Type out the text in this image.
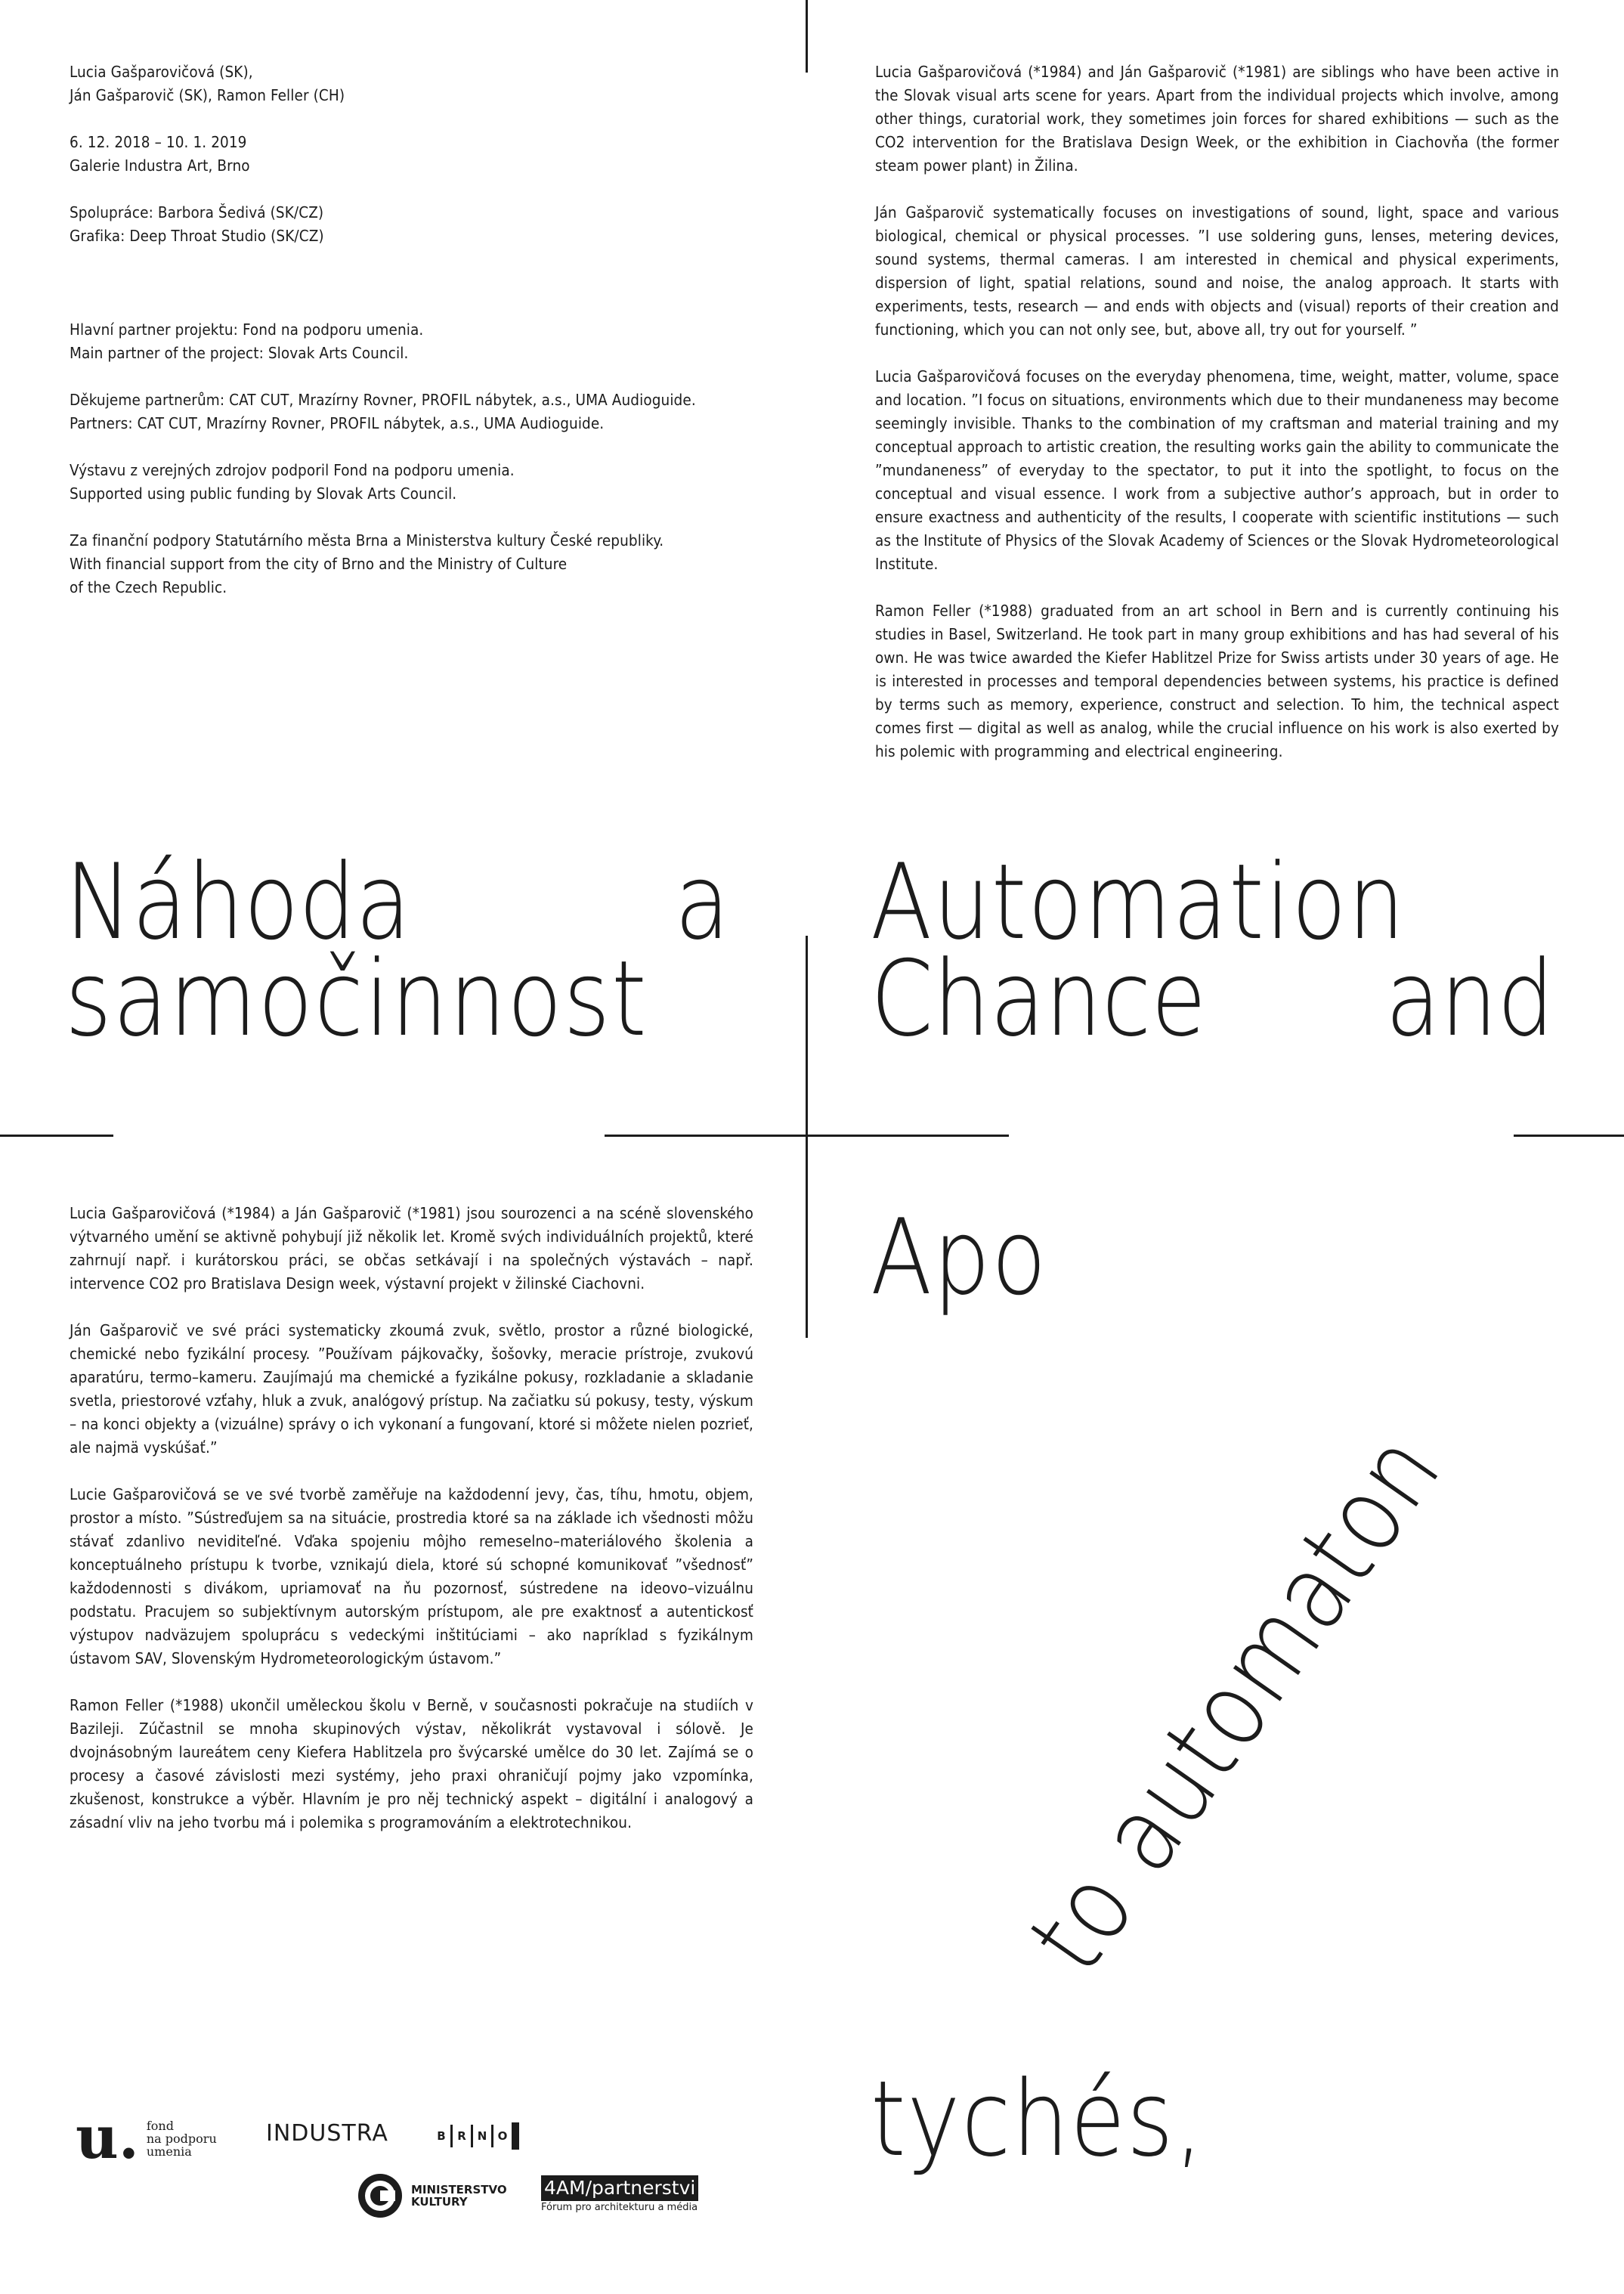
Lucia Gašparovičová (SK),
Ján Gašparovič (SK), Ramon Feller (CH)
6. 12. 2018 – 10. 1. 2019
Galerie Industra Art, Brno
Spolupráce: Barbora Šedivá (SK/CZ)
Grafika: Deep Throat Studio (SK/CZ)
Hlavní partner projektu: Fond na podporu umenia.
Main partner of the project: Slovak Arts Council.
Děkujeme partnerům: CAT CUT, Mrazírny Rovner, PROFIL nábytek, a.s., UMA Audioguide.
Partners: CAT CUT, Mrazírny Rovner, PROFIL nábytek, a.s., UMA Audioguide.
Výstavu z verejných zdrojov podporil Fond na podporu umenia.
Supported using public funding by Slovak Arts Council.
Za finanční podpory Statutárního města Brna a Ministerstva kultury České republiky.
With financial support from the city of Brno and the Ministry of Culture
of the Czech Republic.

Lucia Gašparovičová (*1984) and Ján Gašparovič (*1981) are siblings who have been active in the Slovak visual arts scene for years. Apart from the individual projects which involve, among other things, curatorial work, they sometimes join forces for shared exhibitions — such as the CO2 intervention for the Bratislava Design Week, or the exhibition in Ciachovňa (the former steam power plant) in Žilina.

Ján Gašparovič systematically focuses on investigations of sound, light, space and various biological, chemical or physical processes. ”I use soldering guns, lenses, metering devices, sound systems, thermal cameras. I am interested in chemical and physical experiments, dispersion of light, spatial relations, sound and noise, the analog approach. It starts with experiments, tests, research — and ends with objects and (visual) reports of their creation and functioning, which you can not only see, but, above all, try out for yourself. ”

Lucia Gašparovičová focuses on the everyday phenomena, time, weight, matter, volume, space and location. ”I focus on situations, environments which due to their mundaneness may become seemingly invisible. Thanks to the combination of my craftsman and material training and my conceptual approach to artistic creation, the resulting works gain the ability to communicate the ”mundaneness” of everyday to the spectator, to put it into the spotlight, to focus on the conceptual and visual essence. I work from a subjective author’s approach, but in order to ensure exactness and authenticity of the results, I cooperate with scientific institutions — such as the Institute of Physics of the Slovak Academy of Sciences or the Slovak Hydrometeorological Institute.

Ramon Feller (*1988) graduated from an art school in Bern and is currently continuing his studies in Basel, Switzerland. He took part in many group exhibitions and has had several of his own. He was twice awarded the Kiefer Hablitzel Prize for Swiss artists under 30 years of age. He is interested in processes and temporal dependencies between systems, his practice is defined by terms such as memory, experience, construct and selection. To him, the technical aspect comes first — digital as well as analog, while the crucial influence on his work is also exerted by his polemic with programming and electrical engineering.

Náhoda	a
samočinnost
Automation
Chance and
Apo
to automaton
tychés,

Lucia Gašparovičová (*1984) a Ján Gašparovič (*1981) jsou sourozenci a na scéně slovenského výtvarného umění se aktivně pohybují již několik let. Kromě svých individuálních projektů, které zahrnují např. i kurátorskou práci, se občas setkávají i na společných výstavách – např. intervence CO2 pro Bratislava Design week, výstavní projekt v žilinské Ciachovni.

Ján Gašparovič ve své práci systematicky zkoumá zvuk, světlo, prostor a různé biologické, chemické nebo fyzikální procesy. ”Používam pájkovačky, šošovky, meracie prístroje, zvukovú aparatúru, termo–kameru. Zaujímajú ma chemické a fyzikálne pokusy, rozkladanie a skladanie svetla, priestorové vzťahy, hluk a zvuk, analógový prístup. Na začiatku sú pokusy, testy, výskum – na konci objekty a (vizuálne) správy o ich vykonaní a fungovaní, ktoré si môžete nielen pozrieť, ale najmä vyskúšať.”

Lucie Gašparovičová se ve své tvorbě zaměřuje na každodenní jevy, čas, tíhu, hmotu, objem, prostor a místo. ”Sústreďujem sa na situácie, prostredia ktoré sa na základe ich všednosti môžu stávať zdanlivo neviditeľné. Vďaka spojeniu môjho remeselno–materiálového školenia a konceptuálneho prístupu k tvorbe, vznikajú diela, ktoré sú schopné komunikovať ”všednosť” každodennosti s divákom, upriamovať na ňu pozornosť, sústredene na ideovo–vizuálnu podstatu. Pracujem so subjektívnym autorským prístupom, ale pre exaktnosť a autentickosť výstupov nadväzujem spoluprácu s vedeckými inštitúciami – ako napríklad s fyzikálnym ústavom SAV, Slovenským Hydrometeorologickým ústavom.”

Ramon Feller (*1988) ukončil uměleckou školu v Berně, v současnosti pokračuje na studiích v Bazileji. Zúčastnil se mnoha skupinových výstav, několikrát vystavoval i sólově. Je dvojnásobným laureátem ceny Kiefera Hablitzela pro švýcarské umělce do 30 let. Zajímá se o procesy a časové závislosti mezi systémy, jeho praxi ohraničují pojmy jako vzpomínka, zkušenost, konstrukce a výběr. Hlavním je pro něj technický aspekt – digitální i analogový a zásadní vliv na jeho tvorbu má i polemika s programováním a elektrotechnikou.

u. fond
na podporu
umenia
INDUSTRA	B	R N O
MINISTERSTVO
KULTURY
4AM/partnerstvi
Fórum pro architekturu a média
